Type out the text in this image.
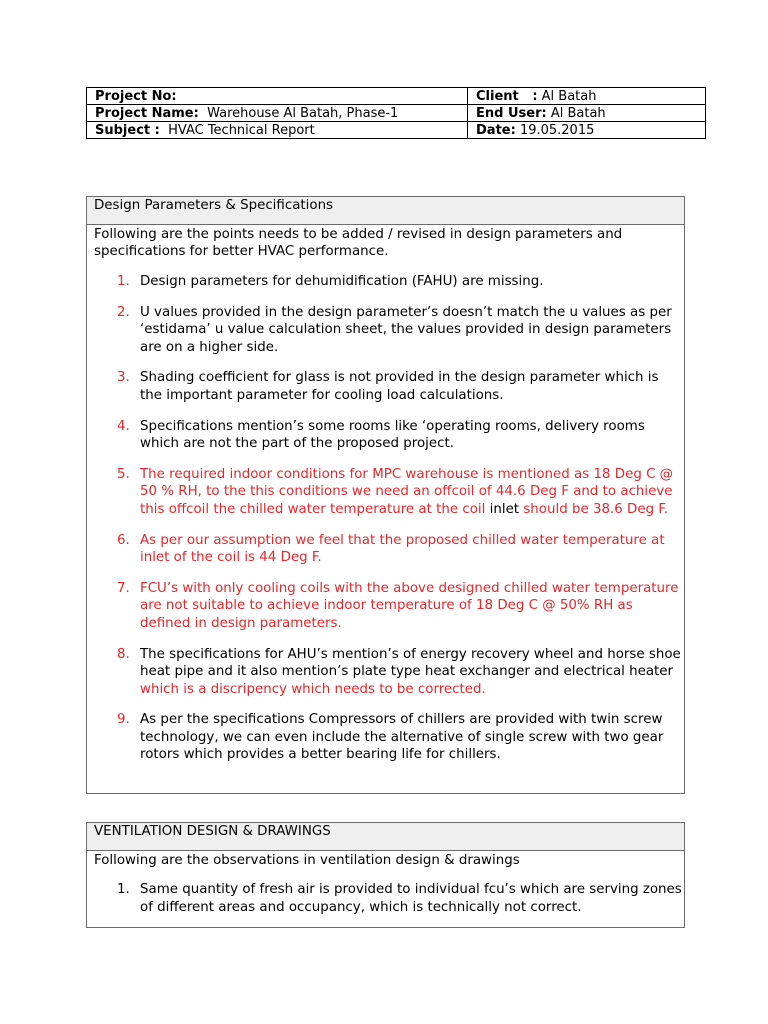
Project No:	Client   : Al Batah
Project Name: Warehouse Al Batah, Phase-1	End User: Al Batah
Subject : HVAC Technical Report	Date: 19.05.2015
Design Parameters & Specifications
Following are the points needs to be added / revised in design parameters and specifications for better HVAC performance.
1. Design parameters for dehumidification (FAHU) are missing.
2. U values provided in the design parameter’s doesn’t match the u values as per ‘estidama’ u value calculation sheet, the values provided in design parameters are on a higher side.
3. Shading coefficient for glass is not provided in the design parameter which is the important parameter for cooling load calculations.
4. Specifications mention’s some rooms like ‘operating rooms, delivery rooms which are not the part of the proposed project.
5. The required indoor conditions for MPC warehouse is mentioned as 18 Deg C @ 50 % RH, to the this conditions we need an offcoil of 44.6 Deg F and to achieve this offcoil the chilled water temperature at the coil inlet should be 38.6 Deg F.
6. As per our assumption we feel that the proposed chilled water temperature at inlet of the coil is 44 Deg F.
7. FCU’s with only cooling coils with the above designed chilled water temperature are not suitable to achieve indoor temperature of 18 Deg C @ 50% RH as defined in design parameters.
8. The specifications for AHU’s mention’s of energy recovery wheel and horse shoe heat pipe and it also mention’s plate type heat exchanger and electrical heater which is a discripency which needs to be corrected.
9. As per the specifications Compressors of chillers are provided with twin screw technology, we can even include the alternative of single screw with two gear rotors which provides a better bearing life for chillers.
VENTILATION DESIGN & DRAWINGS
Following are the observations in ventilation design & drawings
1. Same quantity of fresh air is provided to individual fcu’s which are serving zones of different areas and occupancy, which is technically not correct.
